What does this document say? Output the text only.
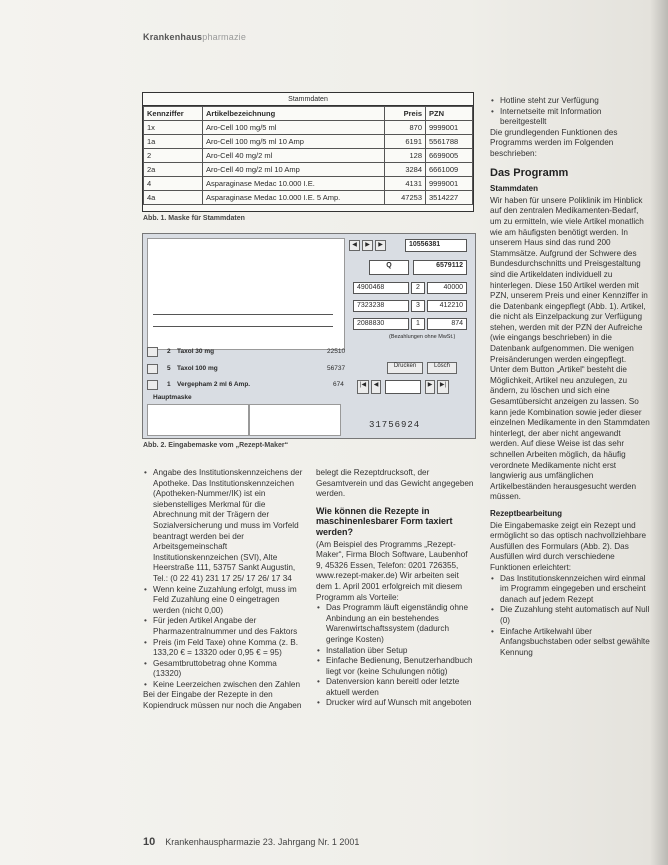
Krankenhauspharmazie
Stammdaten
Kennziffer	Artikelbezeichnung	Preis	PZN
1x	Aro-Cell 100 mg/5 ml	870	9999001
1a	Aro-Cell 100 mg/5 ml 10 Amp	6191	5561788
2	Aro-Cell 40 mg/2 ml	128	6699005
2a	Aro-Cell 40 mg/2 ml 10 Amp	3284	6661009
4	Asparaginase Medac 10.000 I.E.	4131	9999001
4a	Asparaginase Medac 10.000 I.E. 5 Amp.	47253	3514227
Abb. 1. Maske für Stammdaten
◀	▶	▶	10556381
Q	6579112
4900468	2	40000
7323238	3	412210
2088830	1	874
(Bezahlungen ohne MwSt.)
2 Taxol 30 mg	22510
5 Taxol 100 mg	56737
1 Vergepham 2 ml 6 Amp.	674
Drucken	Lösch
|◀	◀	▶	▶|
Hauptmaske
31756924
Abb. 2. Eingabemaske vom „Rezept-Maker“
• Angabe des Institutionskennzeichens der Apotheke. Das Institutionskennzeichen (Apotheken-Nummer/IK) ist ein siebenstelliges Merkmal für die Abrechnung mit der Trägern der Sozialversicherung und muss im Vorfeld beantragt werden bei der Arbeitsgemeinschaft Institutionskennzeichen (SVI), Alte Heerstraße 111, 53757 Sankt Augustin, Tel.: (0 22 41) 231 17 25/ 17 26/ 17 34
• Wenn keine Zuzahlung erfolgt, muss im Feld Zuzahlung eine 0 eingetragen werden (nicht 0,00)
• Für jeden Artikel Angabe der Pharmazentralnummer und des Faktors
• Preis (im Feld Taxe) ohne Komma (z. B. 133,20 € = 13320 oder 0,95 € = 95)
• Gesamtbruttobetrag ohne Komma (13320)
• Keine Leerzeichen zwischen den Zahlen

Bei der Eingabe der Rezepte in den Kopiendruck müssen nur noch die Angaben

belegt die Rezeptdrucksoft, der Gesamtverein und das Gewicht angegeben werden.

Wie können die Rezepte in maschinenlesbarer Form taxiert werden?

(Am Beispiel des Programms „Rezept-Maker“, Firma Bloch Software, Laubenhof 9, 45326 Essen, Telefon: 0201 726355, www.rezept-maker.de) Wir arbeiten seit dem 1. April 2001 erfolgreich mit diesem Programm als Vorteile:

• Das Programm läuft eigenständig ohne Anbindung an ein bestehendes Warenwirtschaftssystem (dadurch geringe Kosten)
• Installation über Setup
• Einfache Bedienung, Benutzerhandbuch liegt vor (keine Schulungen nötig)
• Datenversion kann bereitl oder letzte aktuell werden
• Drucker wird auf Wunsch mit angeboten
• Hotline steht zur Verfügung
• Internetseite mit Information bereitgestellt

Die grundlegenden Funktionen des Programms werden im Folgenden beschrieben:

Das Programm
Stammdaten

Wir haben für unsere Poliklinik im Hinblick auf den zentralen Medikamenten-Bedarf, um zu ermitteln, wie viele Artikel monatlich wie am häufigsten benötigt werden. In unserem Haus sind das rund 200 Stammsätze. Aufgrund der Schwere des Bundesdurchschnitts und Preisgestaltung sind die Artikeldaten individuell zu hinterlegen. Diese 150 Artikel werden mit PZN, unserem Preis und einer Kennziffer in die Datenbank eingepflegt (Abb. 1). Artikel, die nicht als Einzelpackung zur Verfügung stehen, werden mit der PZN der Aufreiche (wie eingangs beschrieben) in die Datenbank aufgenommen. Die wenigen Preisänderungen werden eingepflegt.

Unter dem Button „Artikel“ besteht die Möglichkeit, Artikel neu anzulegen, zu ändern, zu löschen und sich eine Gesamtübersicht anzeigen zu lassen. So kann jede Kombination sowie jeder dieser einzelnen Medikamente in den Stammdaten hinterlegt, der aber nicht angewandt werden. Auf diese Weise ist das sehr schnellen Arbeiten möglich, da häufig verordnete Medikamente nicht erst langwierig aus umfänglichen Artikelbeständen herausgesucht werden müssen.

Rezeptbearbeitung

Die Eingabemaske zeigt ein Rezept und ermöglicht so das optisch nachvollziehbare Ausfüllen des Formulars (Abb. 2). Das Ausfüllen wird durch verschiedene Funktionen erleichtert:

• Das Institutionskennzeichen wird einmal im Programm eingegeben und erscheint danach auf jedem Rezept
• Die Zuzahlung steht automatisch auf Null (0)
• Einfache Artikelwahl über Anfangsbuchstaben oder selbst gewählte Kennung
10 Krankenhauspharmazie 23. Jahrgang Nr. 1 2001
